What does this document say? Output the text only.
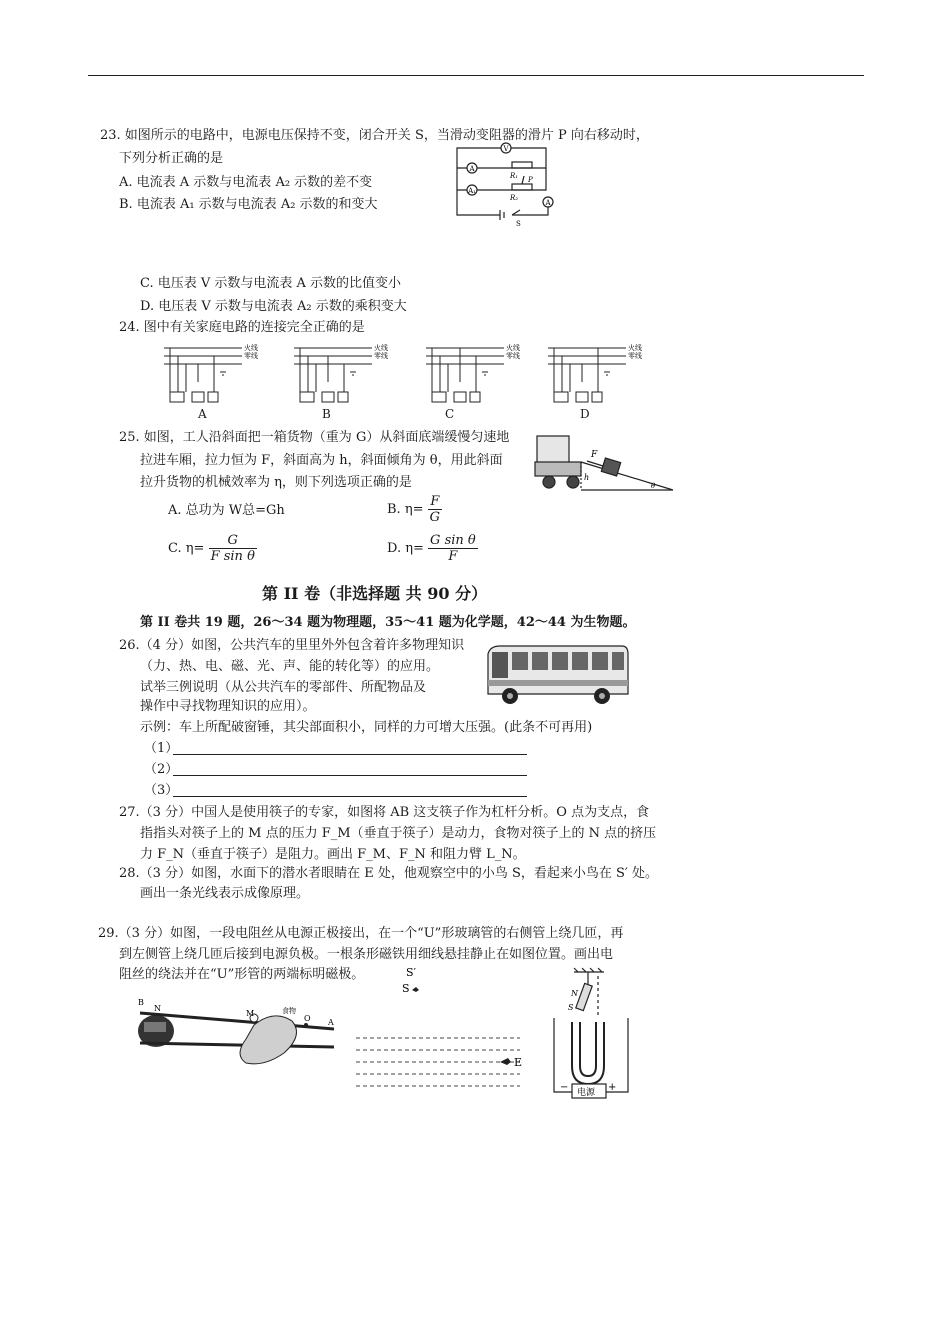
23. 如图所示的电路中，电源电压保持不变，闭合开关 S，当滑动变阻器的滑片 P 向右移动时，
下列分析正确的是
A. 电流表 A 示数与电流表 A₂ 示数的差不变
B. 电流表 A₁ 示数与电流表 A₂ 示数的和变大
A
A₁
V
A
R₁
R₂
P
S
C. 电压表 V 示数与电流表 A 示数的比值变小
D. 电压表 V 示数与电流表 A₂ 示数的乘积变大
24. 图中有关家庭电路的连接完全正确的是
火线
零线
A
火线
零线
B
火线
零线
C
火线
零线
D
25. 如图，工人沿斜面把一箱货物（重为 G）从斜面底端缓慢匀速地
拉进车厢，拉力恒为 F，斜面高为 h，斜面倾角为 θ，用此斜面
拉升货物的机械效率为 η，则下列选项正确的是
F
h
θ
A. 总功为 W总=Gh	B. $\eta= \frac{F}{G}$
C. $\eta= \frac{G}{\text{F sin θ}}$	D. $\eta= \frac{\text{G sin θ}}{F}$
第 II 卷（非选择题 共 90 分）
第 II 卷共 19 题，26～34 题为物理题，35～41 题为化学题，42～44 为生物题。
26.（4 分）如图，公共汽车的里里外外包含着许多物理知识
（力、热、电、磁、光、声、能的转化等）的应用。
试举三例说明（从公共汽车的零部件、所配物品及
操作中寻找物理知识的应用）。
示例：车上所配破窗锤，其尖部面积小，同样的力可增大压强。(此条不可再用)
（1）
（2）
（3）
27.（3 分）中国人是使用筷子的专家，如图将 AB 这支筷子作为杠杆分析。O 点为支点，食
指指头对筷子上的 M 点的压力 F_M（垂直于筷子）是动力，食物对筷子上的 N 点的挤压
力 F_N（垂直于筷子）是阻力。画出 F_M、F_N 和阻力臂 L_N。
28.（3 分）如图，水面下的潜水者眼睛在 E 处，他观察空中的小鸟 S，看起来小鸟在 S′ 处。
画出一条光线表示成像原理。
29.（3 分）如图，一段电阻丝从电源正极接出，在一个“U”形玻璃管的右侧管上绕几匝，再
到左侧管上绕几匝后接到电源负极。一根条形磁铁用细线悬挂静止在如图位置。画出电
阻丝的绕法并在“U”形管的两端标明磁极。
B
N
M
O A
食物
S′
S
E
N
S
电源
−	+
